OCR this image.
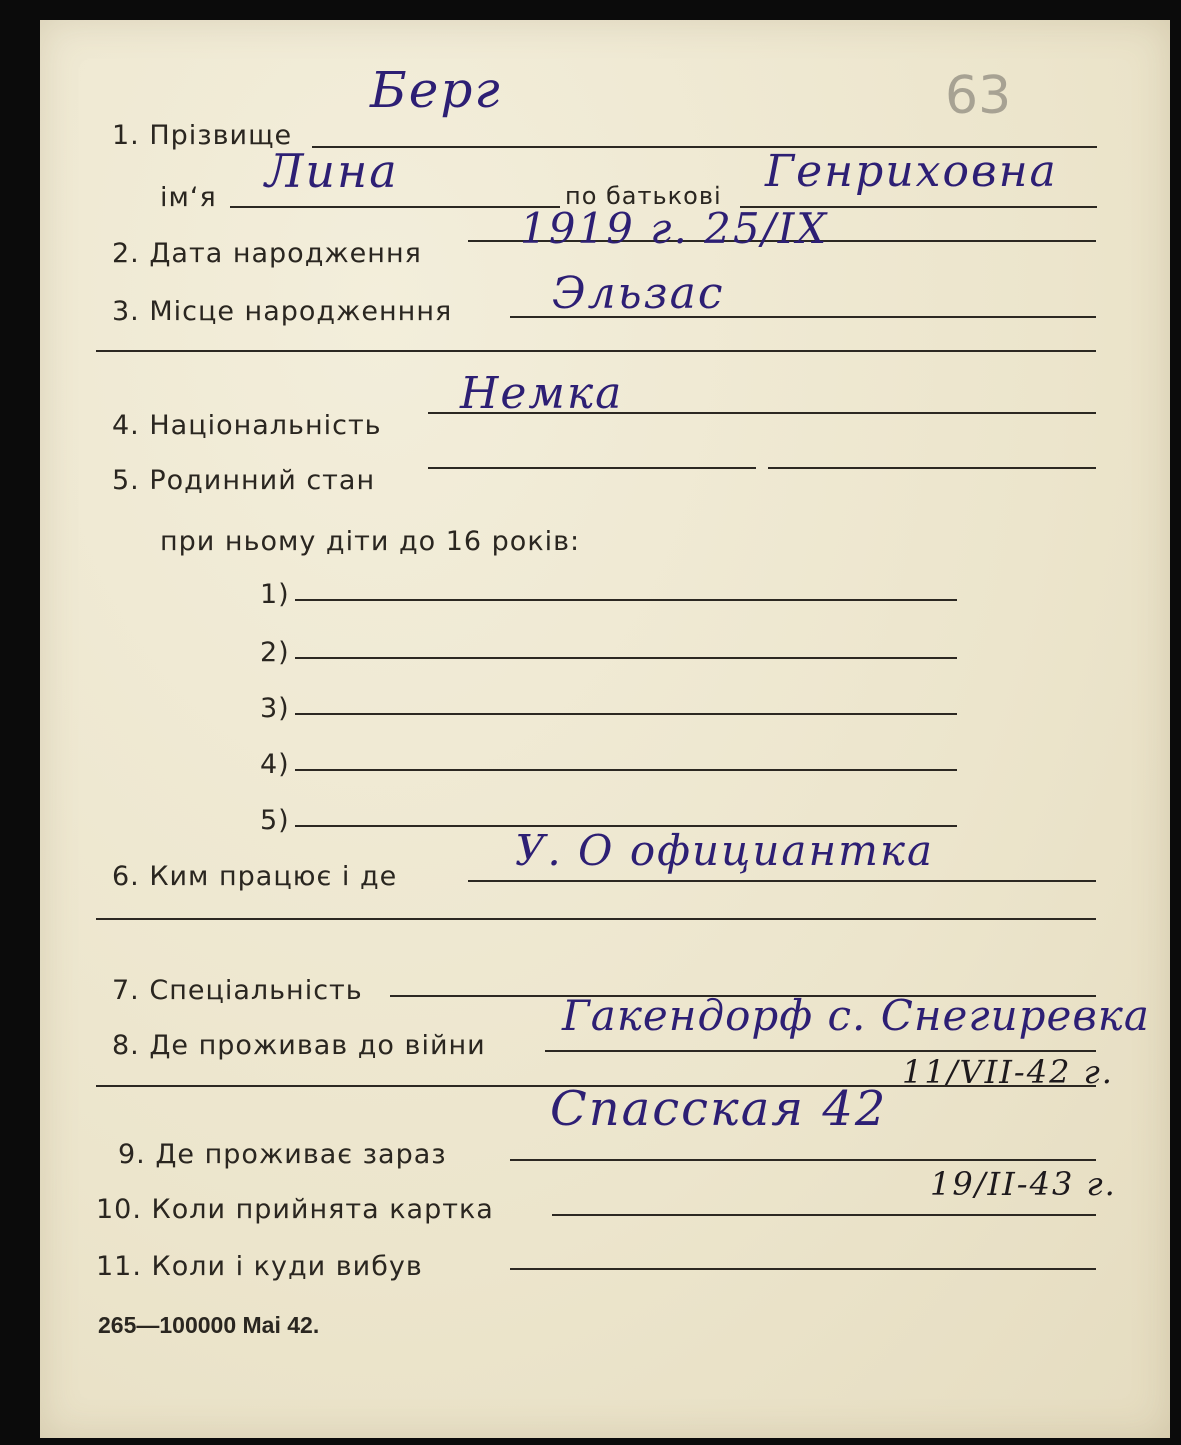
63
1. Прізвище
Берг
ім‘я Лина	по батькові Генриховна
2. Дата народження
1919 г. 25/IX
3. Місце народженння Эльзас
4. Національність
Немка
5. Родинний стан
при ньому діти до 16 років:
1)
2)
3)
4)
5)
6. Ким працює і де
У. О официантка
7. Спеціальність
8. Де проживав до війни
Гакендорф с. Снегиревка
11/VII-42 г.
9. Де проживає зараз
Спасская 42
10. Коли прийнята картка
19/II-43 г.
11. Коли і куди вибув
265—100000 Mai 42.
